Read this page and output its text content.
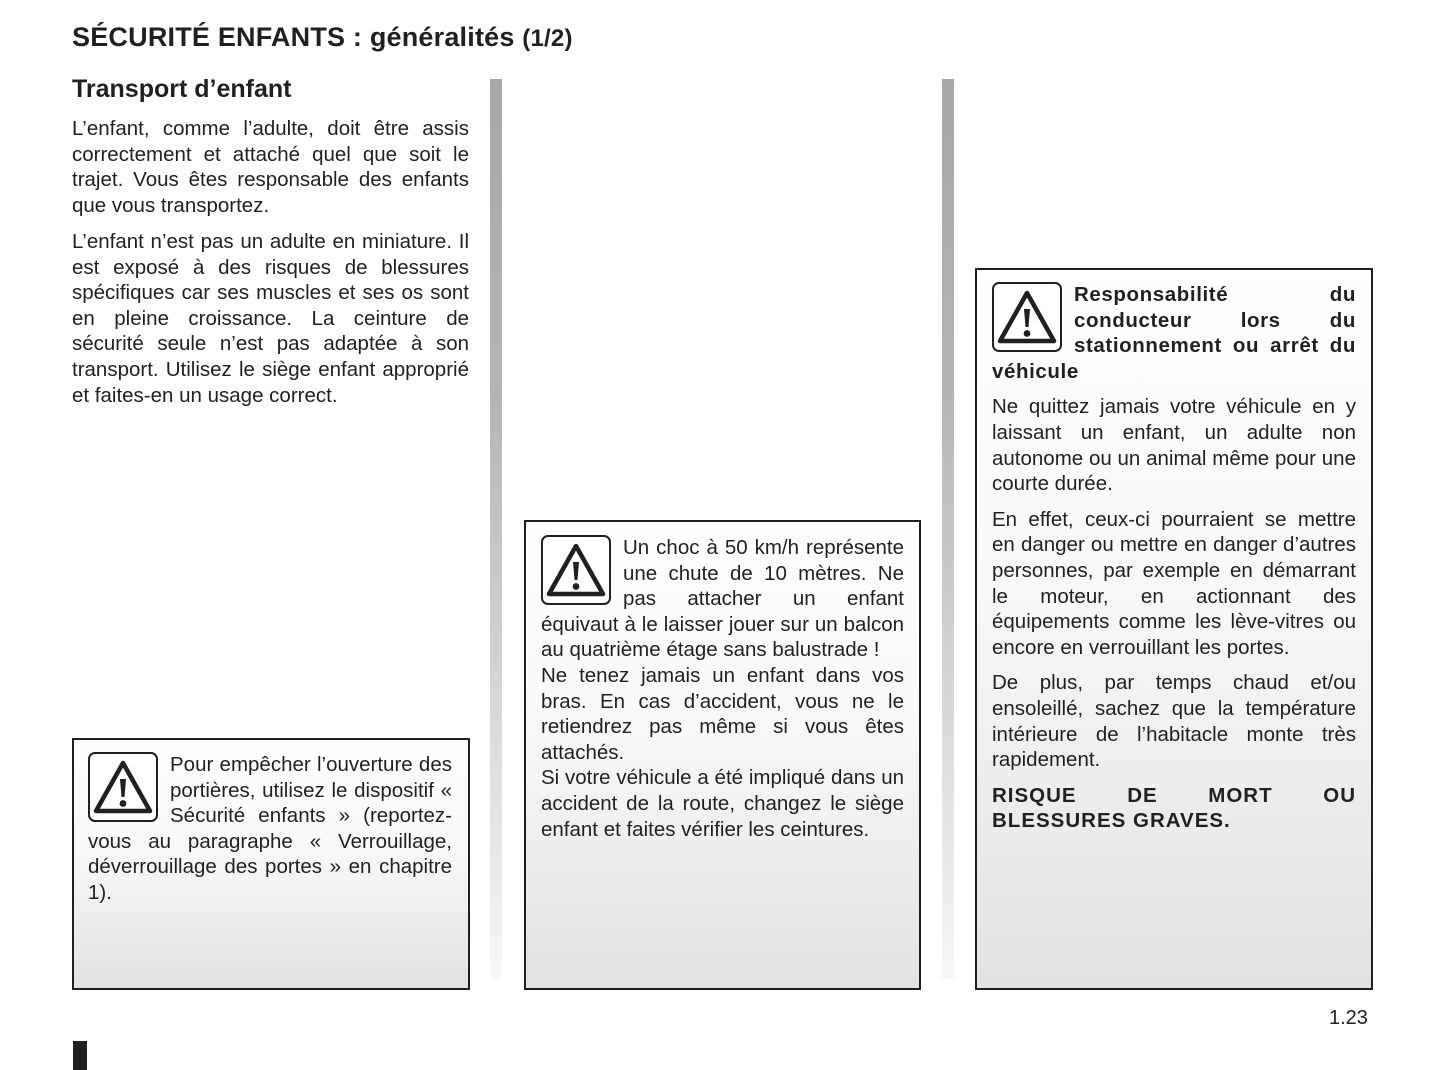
SÉCURITÉ ENFANTS : généralités (1/2)
Transport d’enfant

L’enfant, comme l’adulte, doit être assis correctement et attaché quel que soit le trajet. Vous êtes responsable des enfants que vous transportez.

L’enfant n’est pas un adulte en miniature. Il est exposé à des risques de blessures spécifiques car ses muscles et ses os sont en pleine croissance. La ceinture de sécurité seule n’est pas adaptée à son transport. Utilisez le siège enfant approprié et faites-en un usage correct.

Pour empêcher l’ouverture des portières, utilisez le dispositif « Sécurité enfants » (reportez-vous au paragraphe « Verrouillage, déverrouillage des portes » en chapitre 1).

Un choc à 50 km/h représente une chute de 10 mètres. Ne pas attacher un enfant équivaut à le laisser jouer sur un balcon au quatrième étage sans balustrade !

Ne tenez jamais un enfant dans vos bras. En cas d’accident, vous ne le retiendrez pas même si vous êtes attachés.

Si votre véhicule a été impliqué dans un accident de la route, changez le siège enfant et faites vérifier les ceintures.

Responsabilité du conducteur lors du stationnement ou arrêt du véhicule

Ne quittez jamais votre véhicule en y laissant un enfant, un adulte non autonome ou un animal même pour une courte durée.

En effet, ceux-ci pourraient se mettre en danger ou mettre en danger d’autres personnes, par exemple en démarrant le moteur, en actionnant des équipements comme les lève-vitres ou encore en verrouillant les portes.

De plus, par temps chaud et/ou ensoleillé, sachez que la température intérieure de l’habitacle monte très rapidement.

RISQUE DE MORT OU BLESSURES GRAVES.

1.23
